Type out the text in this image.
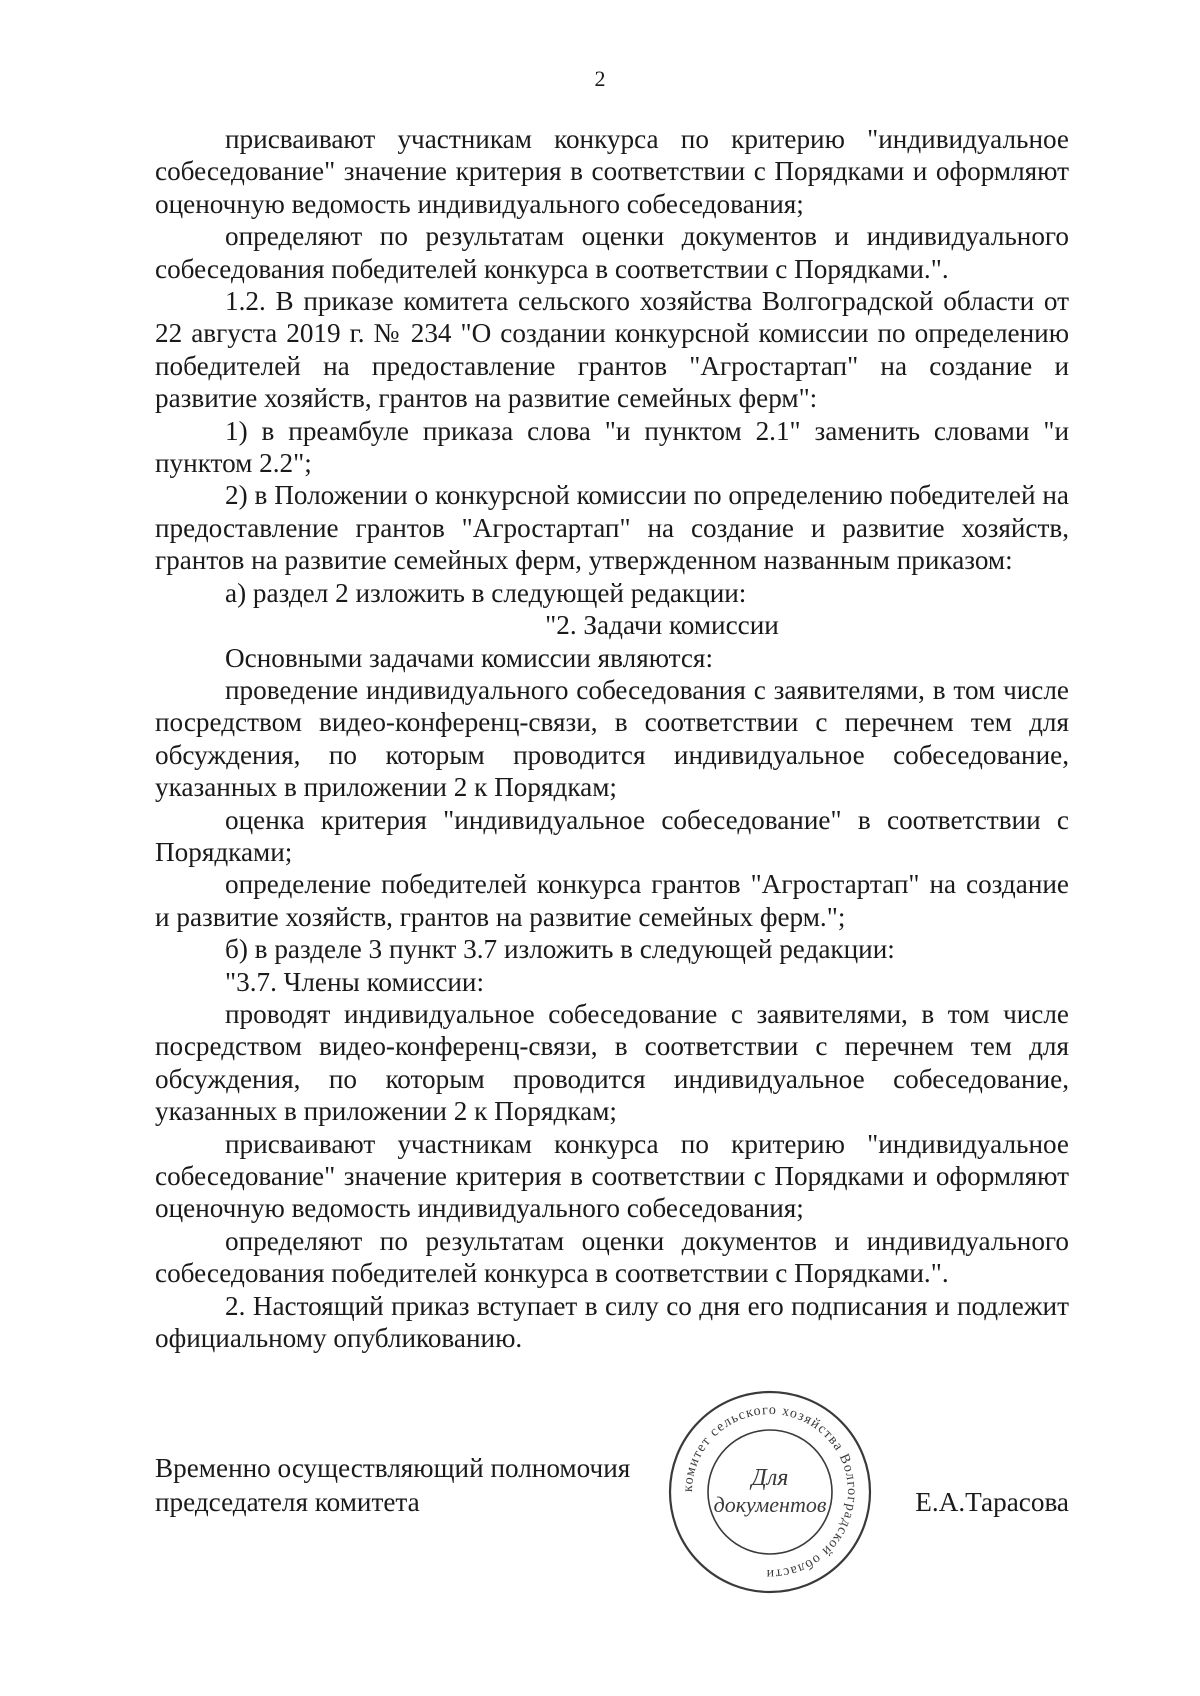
2

присваивают участникам конкурса по критерию "индивидуальное собеседование" значение критерия в соответствии с Порядками и оформляют оценочную ведомость индивидуального собеседования;

определяют по результатам оценки документов и индивидуального собеседования победителей конкурса в соответствии с Порядками.".

1.2. В приказе комитета сельского хозяйства Волгоградской области от 22 августа 2019 г. № 234 "О создании конкурсной комиссии по определению победителей на предоставление грантов "Агростартап" на создание и развитие хозяйств, грантов на развитие семейных ферм":

1) в преамбуле приказа слова "и пунктом 2.1" заменить словами "и пунктом 2.2";

2) в Положении о конкурсной комиссии по определению победителей на предоставление грантов "Агростартап" на создание и развитие хозяйств, грантов на развитие семейных ферм, утвержденном названным приказом:

а) раздел 2 изложить в следующей редакции:

"2. Задачи комиссии

Основными задачами комиссии являются:

проведение индивидуального собеседования с заявителями, в том числе посредством видео-конференц-связи, в соответствии с перечнем тем для обсуждения, по которым проводится индивидуальное собеседование, указанных в приложении 2 к Порядкам;

оценка критерия "индивидуальное собеседование" в соответствии с Порядками;

определение победителей конкурса грантов "Агростартап" на создание и развитие хозяйств, грантов на развитие семейных ферм.";

б) в разделе 3 пункт 3.7 изложить в следующей редакции:

"3.7. Члены комиссии:

проводят индивидуальное собеседование с заявителями, в том числе посредством видео-конференц-связи, в соответствии с перечнем тем для обсуждения, по которым проводится индивидуальное собеседование, указанных в приложении 2 к Порядкам;

присваивают участникам конкурса по критерию "индивидуальное собеседование" значение критерия в соответствии с Порядками и оформляют оценочную ведомость индивидуального собеседования;

определяют по результатам оценки документов и индивидуального собеседования победителей конкурса в соответствии с Порядками.".

2. Настоящий приказ вступает в силу со дня его подписания и подлежит официальному опубликованию.

Временно осуществляющий полномочия
председателя комитета	Е.А.Тарасова
комитет сельского хозяйства Волгоградской области
Для
документов
